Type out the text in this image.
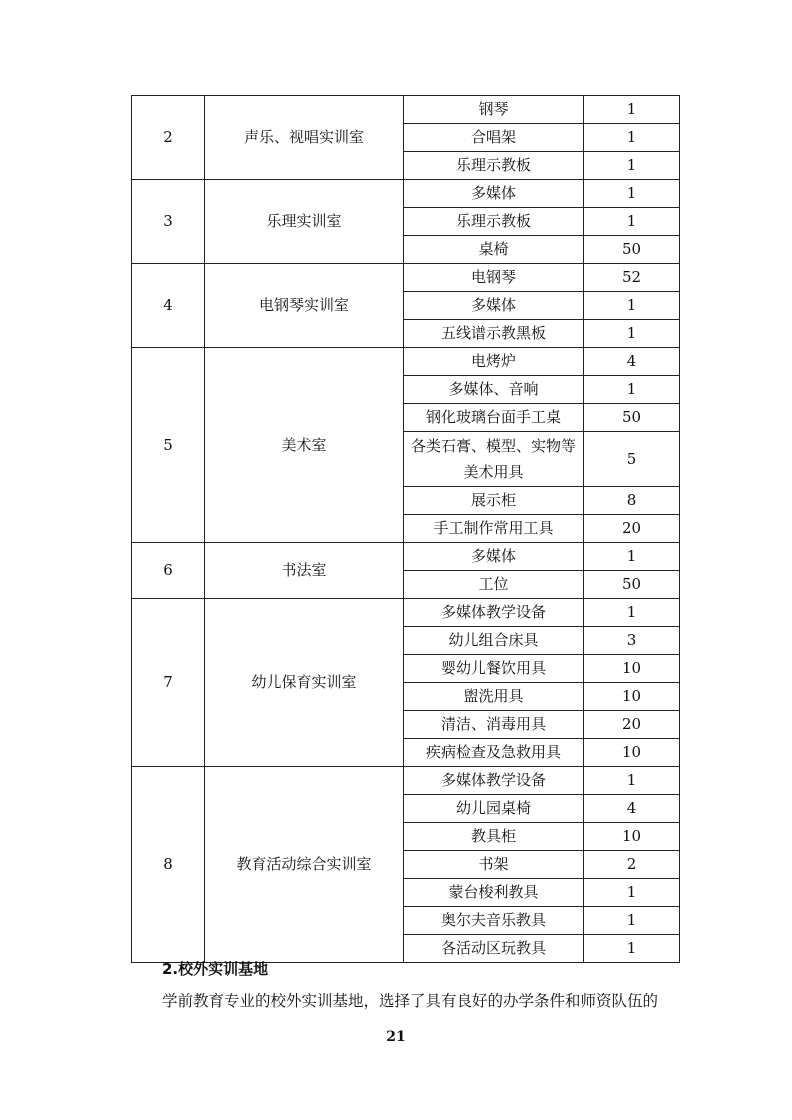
2	声乐、视唱实训室	钢琴	1
		合唱架	1
		乐理示教板	1
3	乐理实训室	多媒体	1
		乐理示教板	1
		桌椅	50
4	电钢琴实训室	电钢琴	52
		多媒体	1
		五线谱示教黑板	1
5	美术室	电烤炉	4
		多媒体、音响	1
		钢化玻璃台面手工桌	50
		各类石膏、模型、实物等美术用具	5
		展示柜	8
		手工制作常用工具	20
6	书法室	多媒体	1
		工位	50
7	幼儿保育实训室	多媒体教学设备	1
		幼儿组合床具	3
		婴幼儿餐饮用具	10
		盥洗用具	10
		清洁、消毒用具	20
		疾病检查及急救用具	10
8	教育活动综合实训室	多媒体教学设备	1
		幼儿园桌椅	4
		教具柜	10
		书架	2
		蒙台梭利教具	1
		奥尔夫音乐教具	1
		各活动区玩教具	1
2.校外实训基地
学前教育专业的校外实训基地，选择了具有良好的办学条件和师资队伍的
21
